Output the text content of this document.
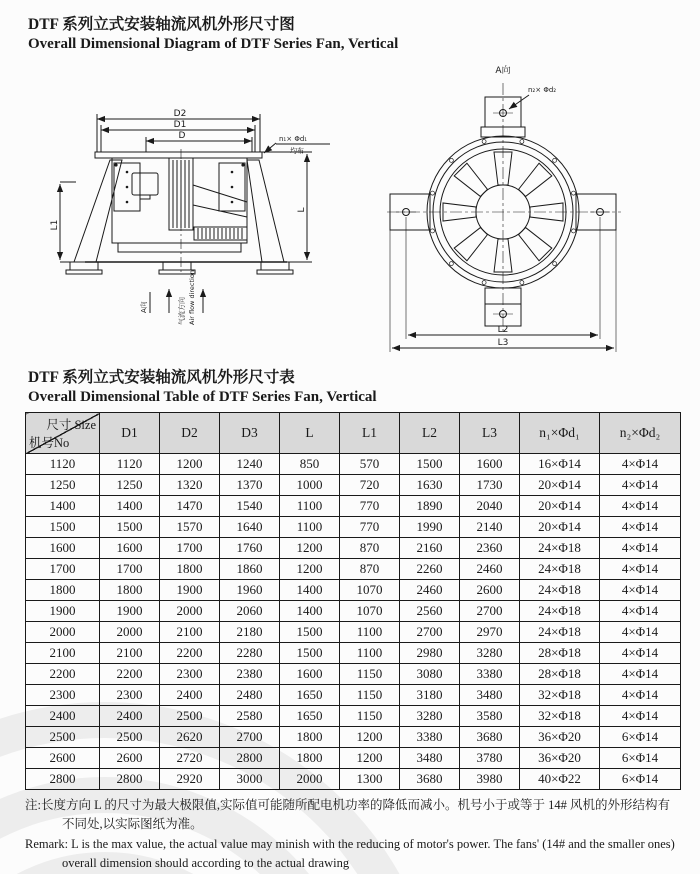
DTF 系列立式安装轴流风机外形尺寸图
Overall Dimensional Diagram of DTF Series Fan, Vertical
D2
D1
D
L
L1
n₁× Φd₁
均布
A向	气流方向 Air flow direction
A向
n₂× Φd₂
L2
L3
DTF 系列立式安装轴流风机外形尺寸表
Overall Dimensional Table of DTF Series Fan, Vertical
尺寸 Size
机号No	D1	D2	D3	L	L1	L2	L3	n₁×Φd₁	n₂×Φd₂
1120	1120	1200	1240	850	570	1500	1600	16×Φ14	4×Φ14
1250	1250	1320	1370	1000	720	1630	1730	20×Φ14	4×Φ14
1400	1400	1470	1540	1100	770	1890	2040	20×Φ14	4×Φ14
1500	1500	1570	1640	1100	770	1990	2140	20×Φ14	4×Φ14
1600	1600	1700	1760	1200	870	2160	2360	24×Φ18	4×Φ14
1700	1700	1800	1860	1200	870	2260	2460	24×Φ18	4×Φ14
1800	1800	1900	1960	1400	1070	2460	2600	24×Φ18	4×Φ14
1900	1900	2000	2060	1400	1070	2560	2700	24×Φ18	4×Φ14
2000	2000	2100	2180	1500	1100	2700	2970	24×Φ18	4×Φ14
2100	2100	2200	2280	1500	1100	2980	3280	28×Φ18	4×Φ14
2200	2200	2300	2380	1600	1150	3080	3380	28×Φ18	4×Φ14
2300	2300	2400	2480	1650	1150	3180	3480	32×Φ18	4×Φ14
2400	2400	2500	2580	1650	1150	3280	3580	32×Φ18	4×Φ14
2500	2500	2620	2700	1800	1200	3380	3680	36×Φ20	6×Φ14
2600	2600	2720	2800	1800	1200	3480	3780	36×Φ20	6×Φ14
2800	2800	2920	3000	2000	1300	3680	3980	40×Φ22	6×Φ14

注:长度方向 L 的尺寸为最大极限值,实际值可能随所配电机功率的降低而减小。机号小于或等于 14# 风机的外形结构有不同处,以实际图纸为准。

Remark: L is the max value, the actual value may minish with the reducing of motor's power. The fans' (14# and the smaller ones) overall dimension should according to the actual drawing
